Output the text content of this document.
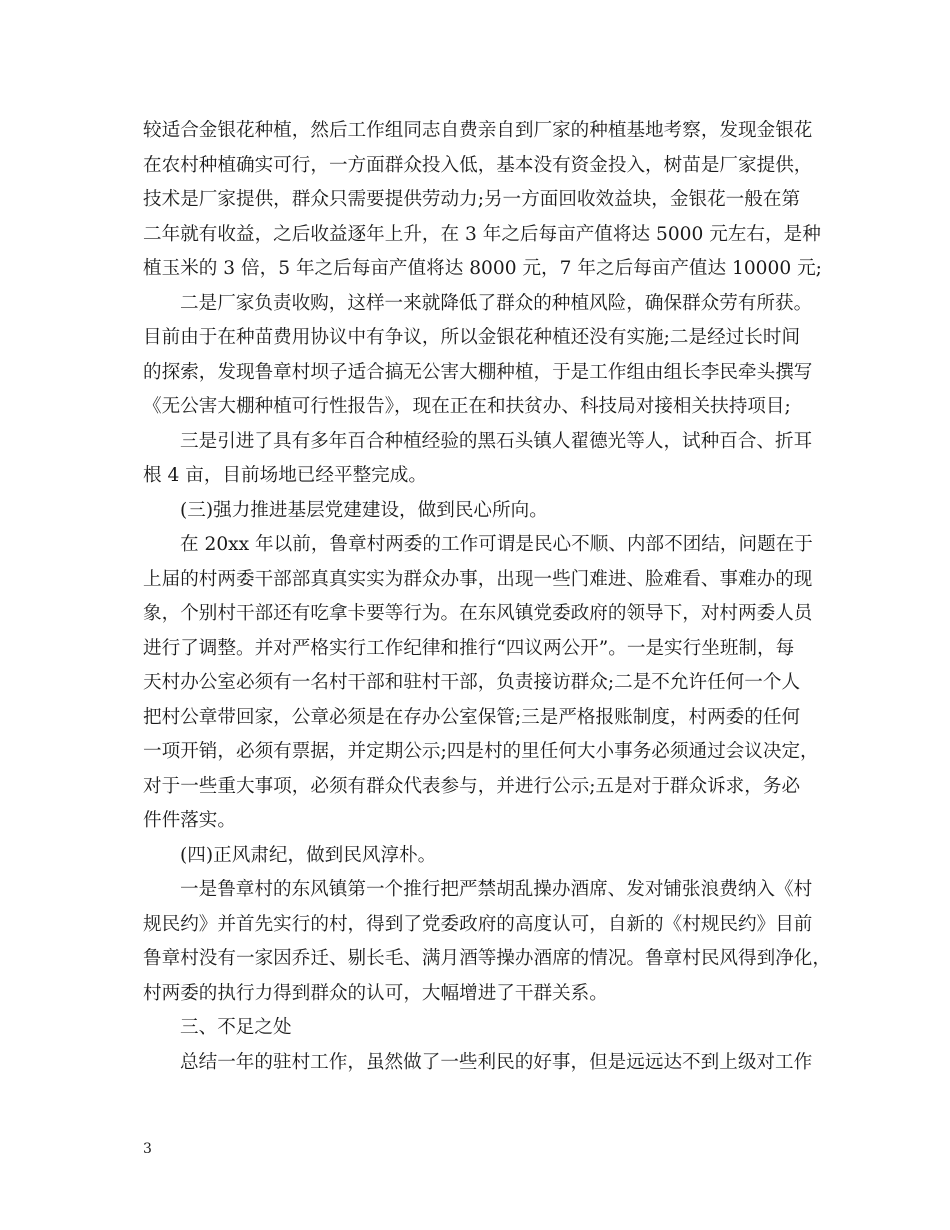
较适合金银花种植，然后工作组同志自费亲自到厂家的种植基地考察，发现金银花
在农村种植确实可行，一方面群众投入低，基本没有资金投入，树苗是厂家提供，
技术是厂家提供，群众只需要提供劳动力;另一方面回收效益块，金银花一般在第
二年就有收益，之后收益逐年上升，在 3 年之后每亩产值将达 5000 元左右，是种
植玉米的 3 倍，5 年之后每亩产值将达 8000 元，7 年之后每亩产值达 10000 元;

二是厂家负责收购，这样一来就降低了群众的种植风险，确保群众劳有所获。
目前由于在种苗费用协议中有争议，所以金银花种植还没有实施;二是经过长时间
的探索，发现鲁章村坝子适合搞无公害大棚种植，于是工作组由组长李民牵头撰写
《无公害大棚种植可行性报告》，现在正在和扶贫办、科技局对接相关扶持项目;

三是引进了具有多年百合种植经验的黑石头镇人翟德光等人，试种百合、折耳
根 4 亩，目前场地已经平整完成。

(三)强力推进基层党建建设，做到民心所向。

在 20xx 年以前，鲁章村两委的工作可谓是民心不顺、内部不团结，问题在于
上届的村两委干部部真真实实为群众办事，出现一些门难进、脸难看、事难办的现
象，个别村干部还有吃拿卡要等行为。在东风镇党委政府的领导下，对村两委人员
进行了调整。并对严格实行工作纪律和推行“四议两公开”。一是实行坐班制，每
天村办公室必须有一名村干部和驻村干部，负责接访群众;二是不允许任何一个人
把村公章带回家，公章必须是在存办公室保管;三是严格报账制度，村两委的任何
一项开销，必须有票据，并定期公示;四是村的里任何大小事务必须通过会议决定，
对于一些重大事项，必须有群众代表参与，并进行公示;五是对于群众诉求，务必
件件落实。

(四)正风肃纪，做到民风淳朴。

一是鲁章村的东风镇第一个推行把严禁胡乱操办酒席、发对铺张浪费纳入《村
规民约》并首先实行的村，得到了党委政府的高度认可，自新的《村规民约》目前
鲁章村没有一家因乔迁、剔长毛、满月酒等操办酒席的情况。鲁章村民风得到净化，
村两委的执行力得到群众的认可，大幅增进了干群关系。

三、不足之处

总结一年的驻村工作，虽然做了一些利民的好事，但是远远达不到上级对工作

3
